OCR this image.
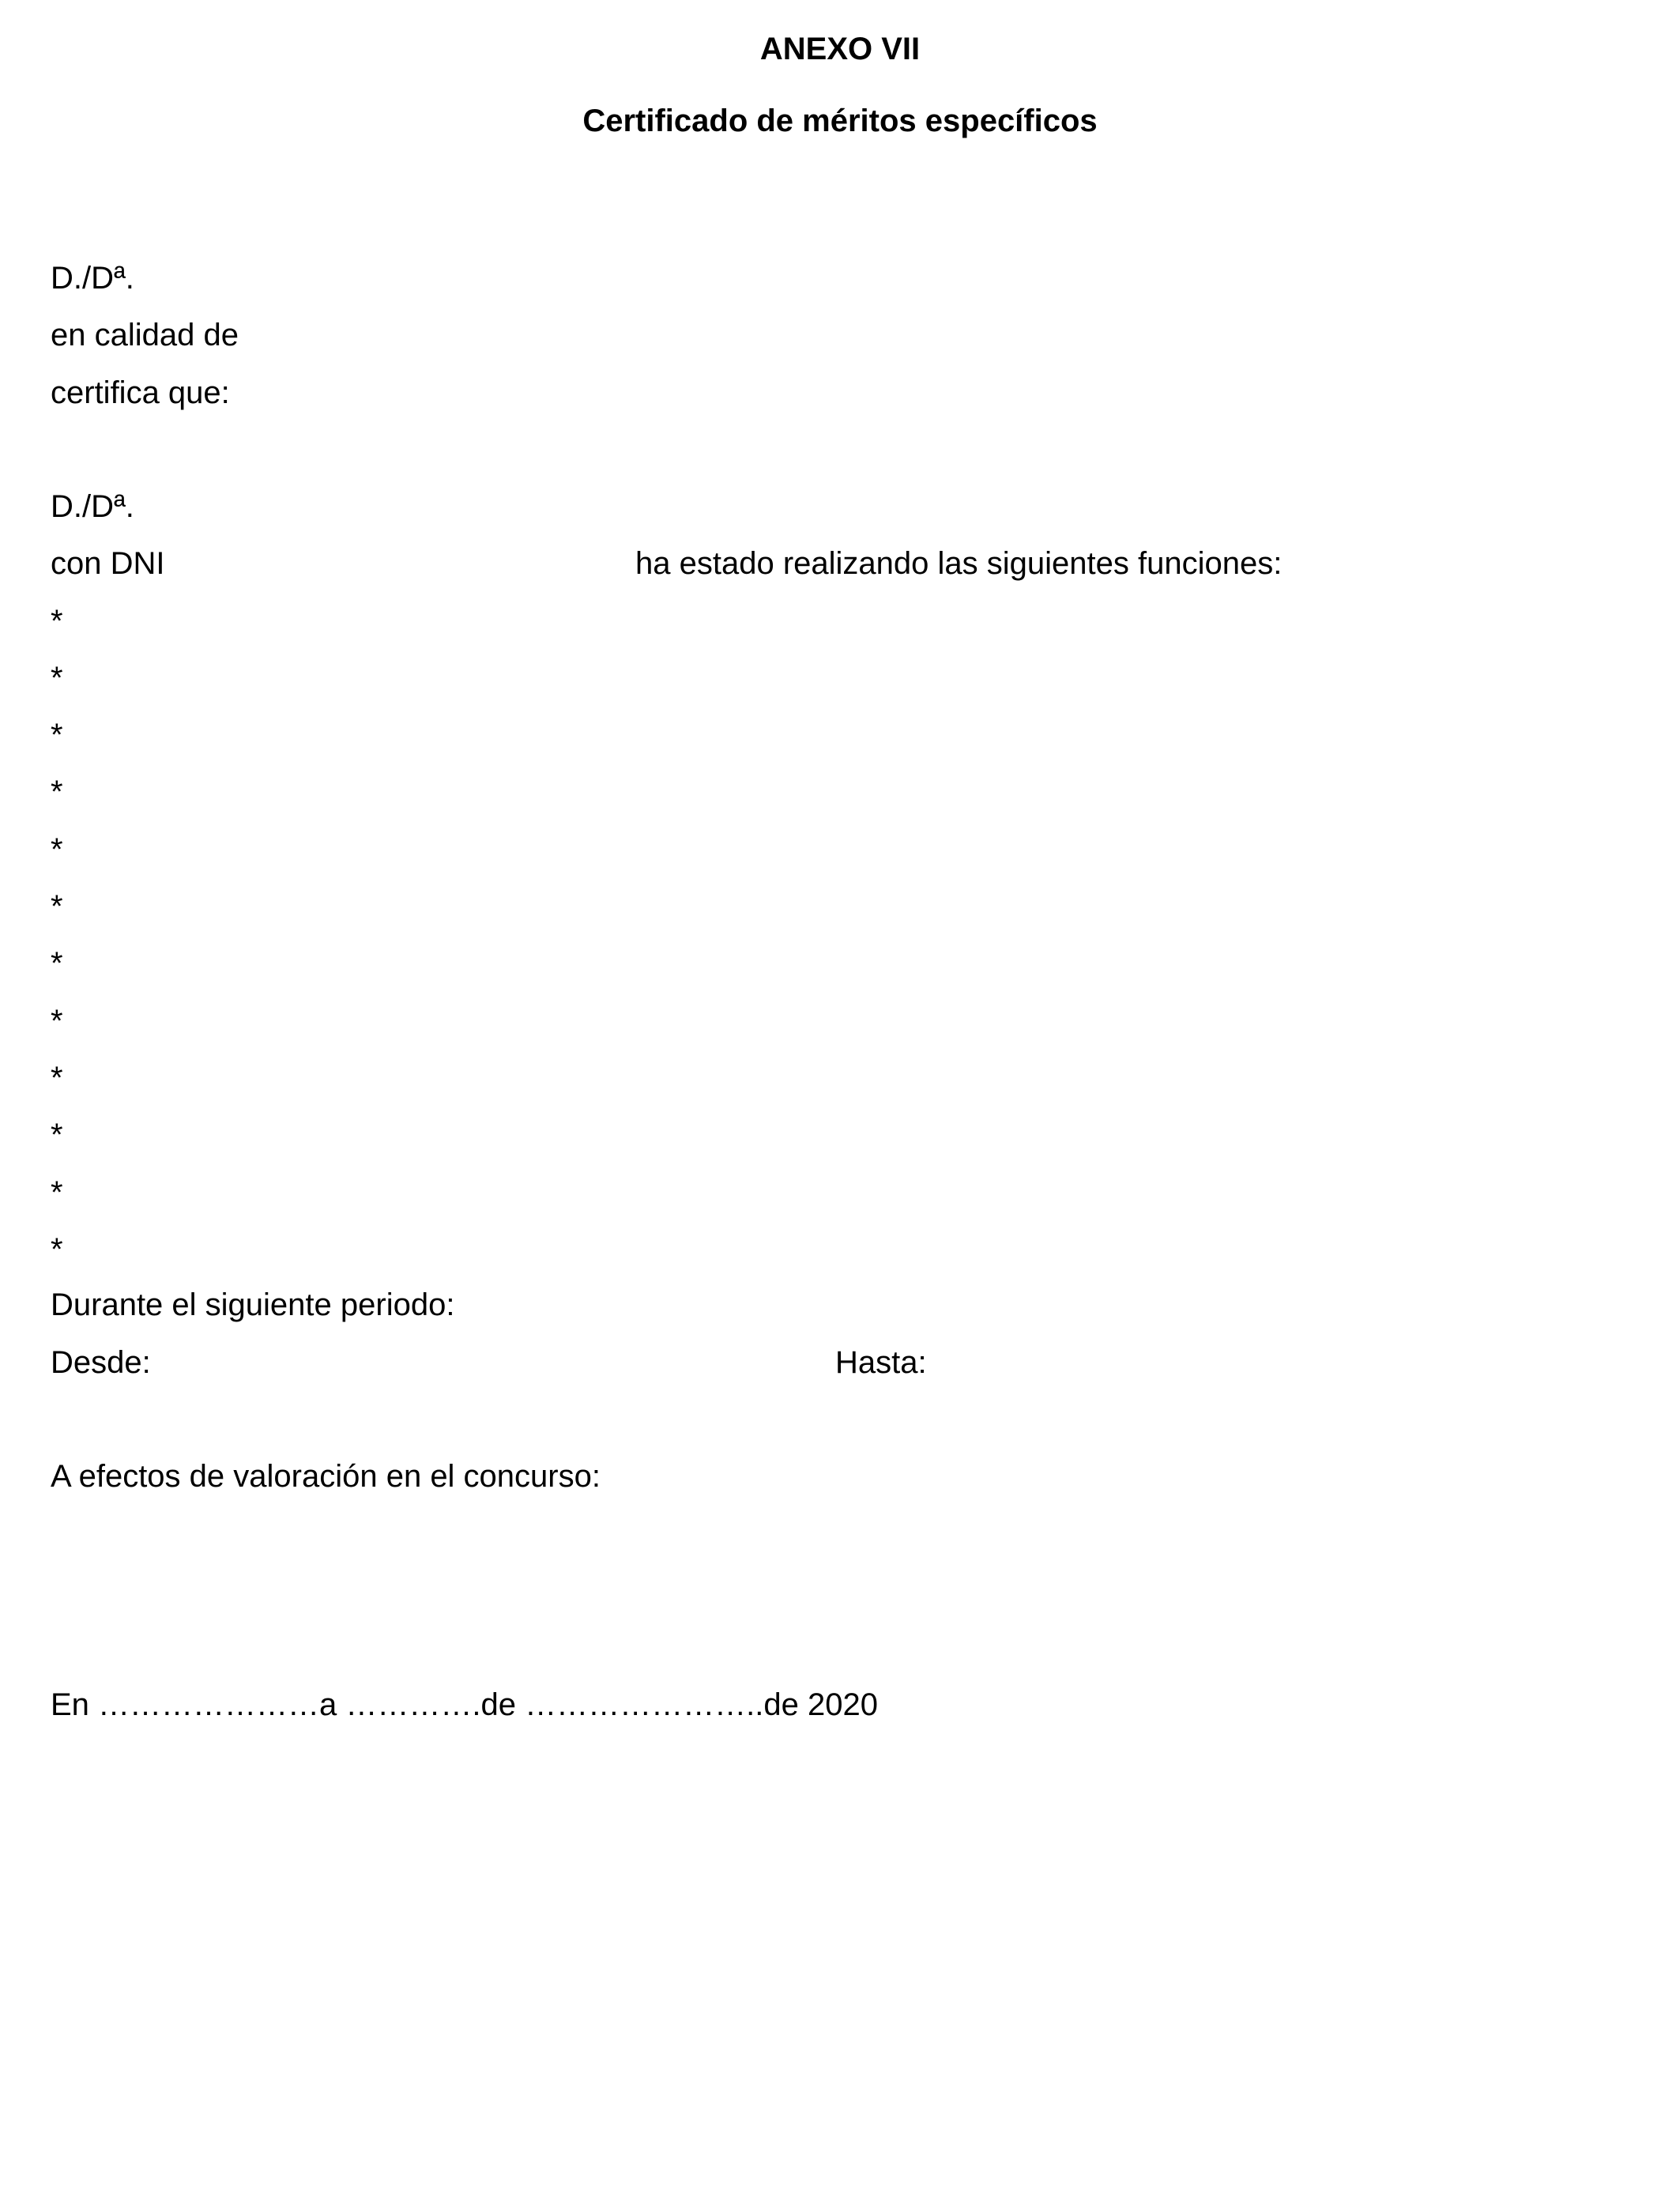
ANEXO VII
Certificado de méritos específicos
D./Dª.
en calidad de
certifica que:
D./Dª.
con DNI	ha estado realizando las siguientes funciones:
*
*
*
*
*
*
*
*
*
*
*
*
Durante el siguiente periodo:
Desde:	Hasta:
A efectos de valoración en el concurso:
En …………………a ………….de …………………..de 2020
